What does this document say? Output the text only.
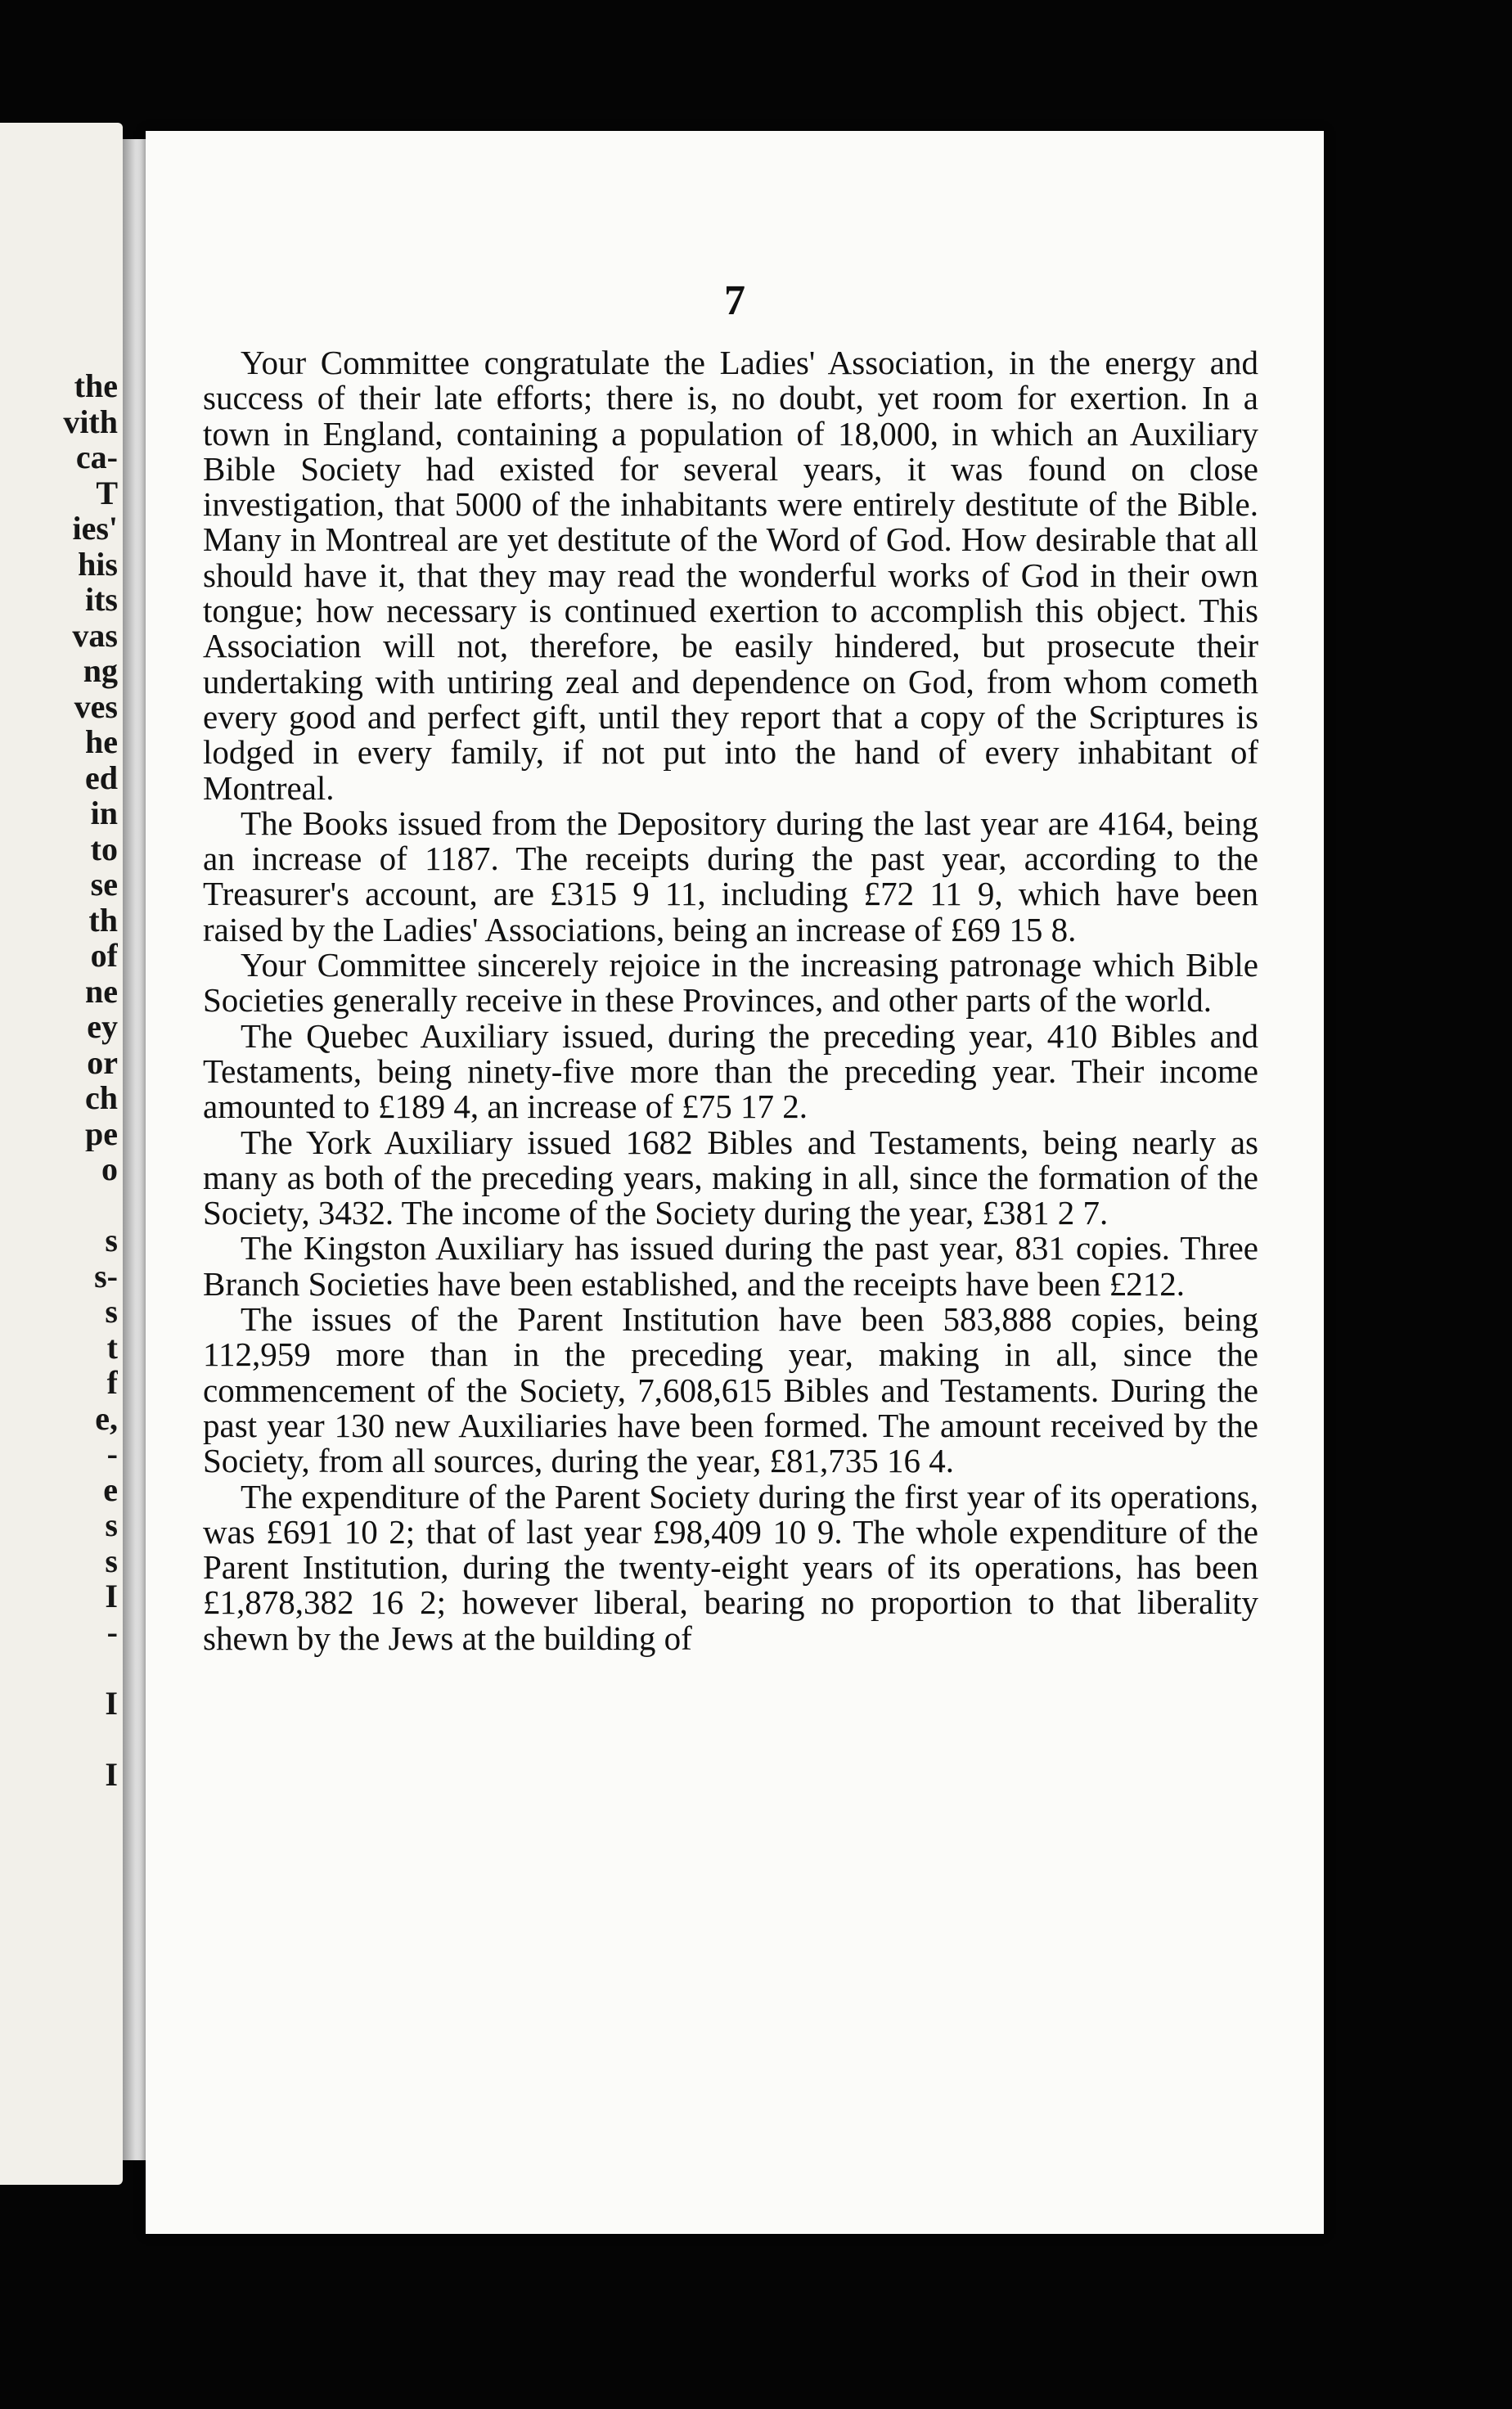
the
vith
ca-
T
ies'
his
its
vas
ng
ves
he
ed
in
to
se
th
of
ne
ey
or
ch
pe
o
s
s-
s
t
f
e,
-
e
s
s
I
-
I
I
7

Your Committee congratulate the Ladies' Association, in the energy and success of their late efforts; there is, no doubt, yet room for exertion. In a town in England, containing a population of 18,000, in which an Auxiliary Bible Society had existed for several years, it was found on close investigation, that 5000 of the inhabitants were entirely destitute of the Bible. Many in Montreal are yet destitute of the Word of God. How desirable that all should have it, that they may read the wonderful works of God in their own tongue; how necessary is continued exertion to accomplish this object. This Association will not, therefore, be easily hindered, but prosecute their undertaking with untiring zeal and dependence on God, from whom cometh every good and perfect gift, until they report that a copy of the Scriptures is lodged in every family, if not put into the hand of every inhabitant of Montreal.

The Books issued from the Depository during the last year are 4164, being an increase of 1187. The receipts during the past year, according to the Treasurer's account, are £315 9 11, including £72 11 9, which have been raised by the Ladies' Associations, being an increase of £69 15 8.

Your Committee sincerely rejoice in the increasing patronage which Bible Societies generally receive in these Provinces, and other parts of the world.

The Quebec Auxiliary issued, during the preceding year, 410 Bibles and Testaments, being ninety-five more than the preceding year. Their income amounted to £189 4, an increase of £75 17 2.

The York Auxiliary issued 1682 Bibles and Testaments, being nearly as many as both of the preceding years, making in all, since the formation of the Society, 3432. The income of the Society during the year, £381 2 7.

The Kingston Auxiliary has issued during the past year, 831 copies. Three Branch Societies have been established, and the receipts have been £212.

The issues of the Parent Institution have been 583,888 copies, being 112,959 more than in the preceding year, making in all, since the commencement of the Society, 7,608,615 Bibles and Testaments. During the past year 130 new Auxiliaries have been formed. The amount received by the Society, from all sources, during the year, £81,735 16 4.

The expenditure of the Parent Society during the first year of its operations, was £691 10 2; that of last year £98,409 10 9. The whole expenditure of the Parent Institution, during the twenty-eight years of its operations, has been £1,878,382 16 2; however liberal, bearing no proportion to that liberality shewn by the Jews at the building of
